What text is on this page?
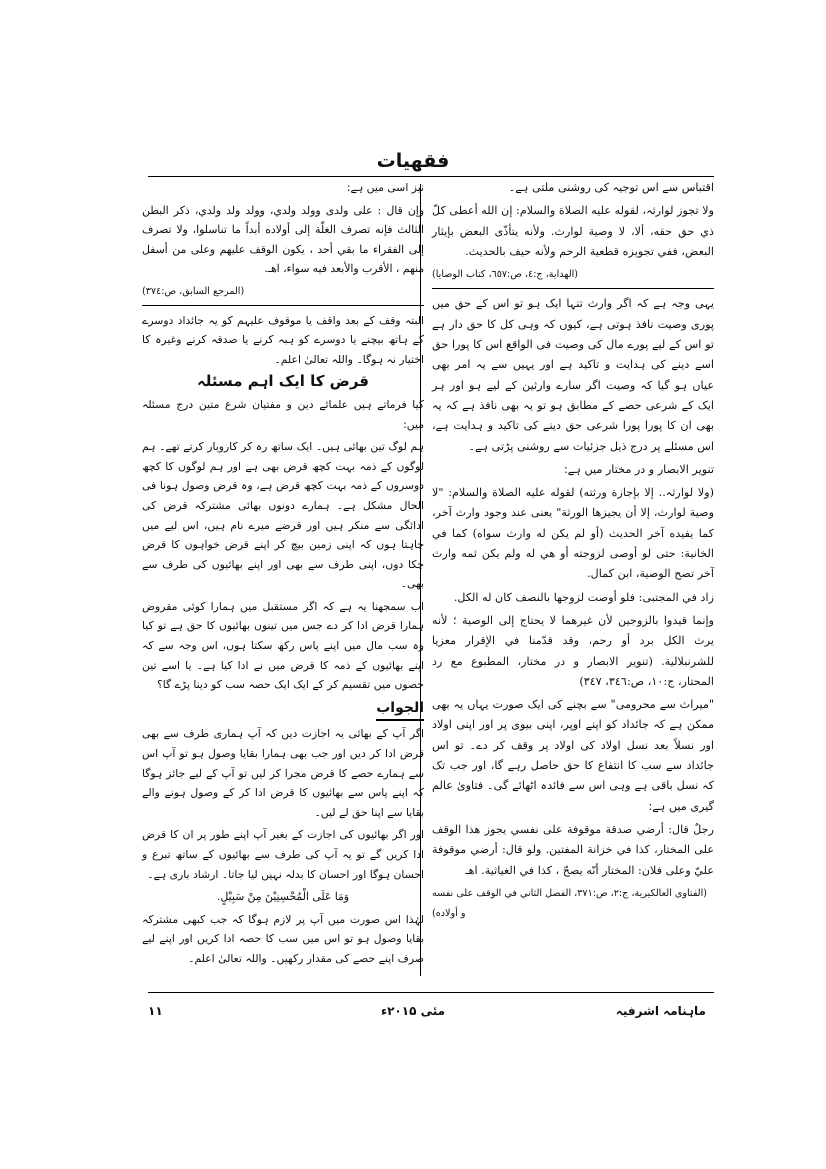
فقهيات

اقتباس سے اس توجیہ کی روشنی ملتی ہے۔

ولا تجوز لوارثہ، لقوله عليه الصلاة والسلام: إن الله أعطى كلّ ذي حق حقه، ألا، لا وصية لوارث. ولأنه يتأذّى البعض بإيثار البعض، ففي تجويزه قطعية الرحم ولأنه حيف بالحديث.

(الهداية، ج:٤، ص:٦٥٧، كتاب الوصايا)

یہی وجہ ہے کہ اگر وارث تنہا ایک ہو تو اس کے حق میں پوری وصیت نافذ ہوتی ہے، کیوں کہ وہی کل کا حق دار ہے تو اس کے لیے پورے مال کی وصیت فی الواقع اس کا پورا حق اسے دینے کی ہدایت و تاکید ہے اور یہیں سے یہ امر بھی عیاں ہو گیا کہ وصیت اگر سارے وارثین کے لیے ہو اور ہر ایک کے شرعی حصے کے مطابق ہو تو یہ بھی نافذ ہے کہ یہ بھی ان کا پورا پورا شرعی حق دینے کی تاکید و ہدایت ہے، اس مسئلے پر درج ذیل جزئیات سے روشنی پڑتی ہے۔

تنویر الابصار و در مختار میں ہے:

(ولا لوارثہ.. إلا بإجازة ورثته) لقوله عليه الصلاة والسلام: "لا وصية لوارث، إلا أن يجيزها الورثة" يعنى عند وجود وارث آخر، كما يفيده آخر الحديث (أو لم يكن له وارث سواه) كما في الخانية: حتى لو أوصى لزوجته أو هي له ولم يكن ثمه وارث آخر تصح الوصية، ابن كمال.

زاد في المجتبى: فلو أوصت لزوجها بالنصف كان له الكل.

وإنما قيدوا بالزوجين لأن غيرهما لا يحتاج إلى الوصية ؛ لأنه يرث الكل برد أو رحم، وقد قدّمنا في الإقرار معزيا للشرنبلالية. (تنوير الابصار و در مختار، المطبوع مع رد المحتار، ج:١٠، ص:٣٤٦، ٣٤٧)

"میراث سے محرومی" سے بچنے کی ایک صورت یہاں یہ بھی ممکن ہے کہ جائداد کو اپنے اوپر، اپنی بیوی پر اور اپنی اولاد اور نسلاً بعد نسل اولاد کی اولاد پر وقف کر دے۔ تو اس جائداد سے سب کا انتفاع کا حق حاصل رہے گا، اور جب تک کہ نسل باقی ہے وہی اس سے فائدہ اٹھائے گی۔ فتاویٰ عالم گیری میں ہے:

رجلٌ قال: أرضي صدقة موقوفة على نفسي يجوز هذا الوقف على المختار، كذا في خزانة المفتين. ولو قال: أرضي موقوفة عليّ وعلى فلان: المختار أنّه يصحّ ، كذا في الغياثية. اهـ

(الفتاوى العالكيرية، ج:٢، ص:٣٧١، الفصل الثاني في الوقف على نفسه و أولاده)

نیز اسی میں ہے:

وإن قال : على ولدى وولد ولدي، وولد ولد ولدي، ذكر البطن الثالث فإنه تصرف الغلّة إلى أولاده أبداً ما تناسلوا، ولا تصرف إلى الفقراء ما بقي أحد ، يكون الوقف عليهم وعلى من أسفل منهم ، الأقرب والأبعد فيه سواء، اهـ.

(المرجع السابق، ص:٣٧٤)

البتہ وقف کے بعد واقف یا موقوف علیہم کو یہ جائداد دوسرے کے ہاتھ بیچنے یا دوسرے کو ہبہ کرنے یا صدقہ کرنے وغیرہ کا اختیار نہ ہوگا۔ واللہ تعالیٰ اعلم۔

قرض کا ایک اہم مسئلہ

کیا فرماتے ہیں علمائے دین و مفتیان شرع متین درج مسئلہ میں:

ہم لوگ تین بھائی ہیں۔ ایک ساتھ رہ کر کاروبار کرتے تھے۔ ہم لوگوں کے ذمہ بہت کچھ قرض بھی ہے اور ہم لوگوں کا کچھ دوسروں کے ذمہ بہت کچھ قرض ہے، وہ قرض وصول ہونا فی الحال مشکل ہے۔ ہمارے دونوں بھائی مشترکہ قرض کی ادائگی سے منکر ہیں اور قرضے میرے نام ہیں، اس لیے میں چاہتا ہوں کہ اپنی زمین بیچ کر اپنے قرض خواہوں کا قرض چکا دوں، اپنی طرف سے بھی اور اپنے بھائیوں کی طرف سے بھی۔

اب سمجھنا یہ ہے کہ اگر مستقبل میں ہمارا کوئی مقروض ہمارا قرض ادا کر دے جس میں تینوں بھائیوں کا حق ہے تو کیا وہ سب مال میں اپنے پاس رکھ سکتا ہوں، اس وجہ سے کہ اپنے بھائیوں کے ذمہ کا قرض میں نے ادا کیا ہے۔ یا اسے تین حصوں میں تقسیم کر کے ایک ایک حصہ سب کو دینا پڑے گا؟

الجواب

اگر آپ کے بھائی یہ اجازت دیں کہ آپ ہماری طرف سے بھی قرض ادا کر دیں اور جب بھی ہمارا بقایا وصول ہو تو آپ اس سے ہمارے حصے کا قرض مجرا کر لیں تو آپ کے لیے جائز ہوگا کہ اپنے پاس سے بھائیوں کا قرض ادا کر کے وصول ہونے والے بقایا سے اپنا حق لے لیں۔

اور اگر بھائیوں کی اجازت کے بغیر آپ اپنے طور پر ان کا قرض ادا کریں گے تو یہ آپ کی طرف سے بھائیوں کے ساتھ تبرع و احسان ہوگا اور احسان کا بدلہ نہیں لیا جاتا۔ ارشاد باری ہے۔

وَمَا عَلَى الْمُحْسِنِيْنَ مِنْ سَبِيْلٍ.

لہٰذا اس صورت میں آپ پر لازم ہوگا کہ جب کبھی مشترکہ بقایا وصول ہو تو اس میں سب کا حصہ ادا کریں اور اپنے لیے صرف اپنے حصے کی مقدار رکھیں۔ واللہ تعالیٰ اعلم۔

ماہنامہ اشرفیہ
مئی ۲۰۱۵ء
۱۱
